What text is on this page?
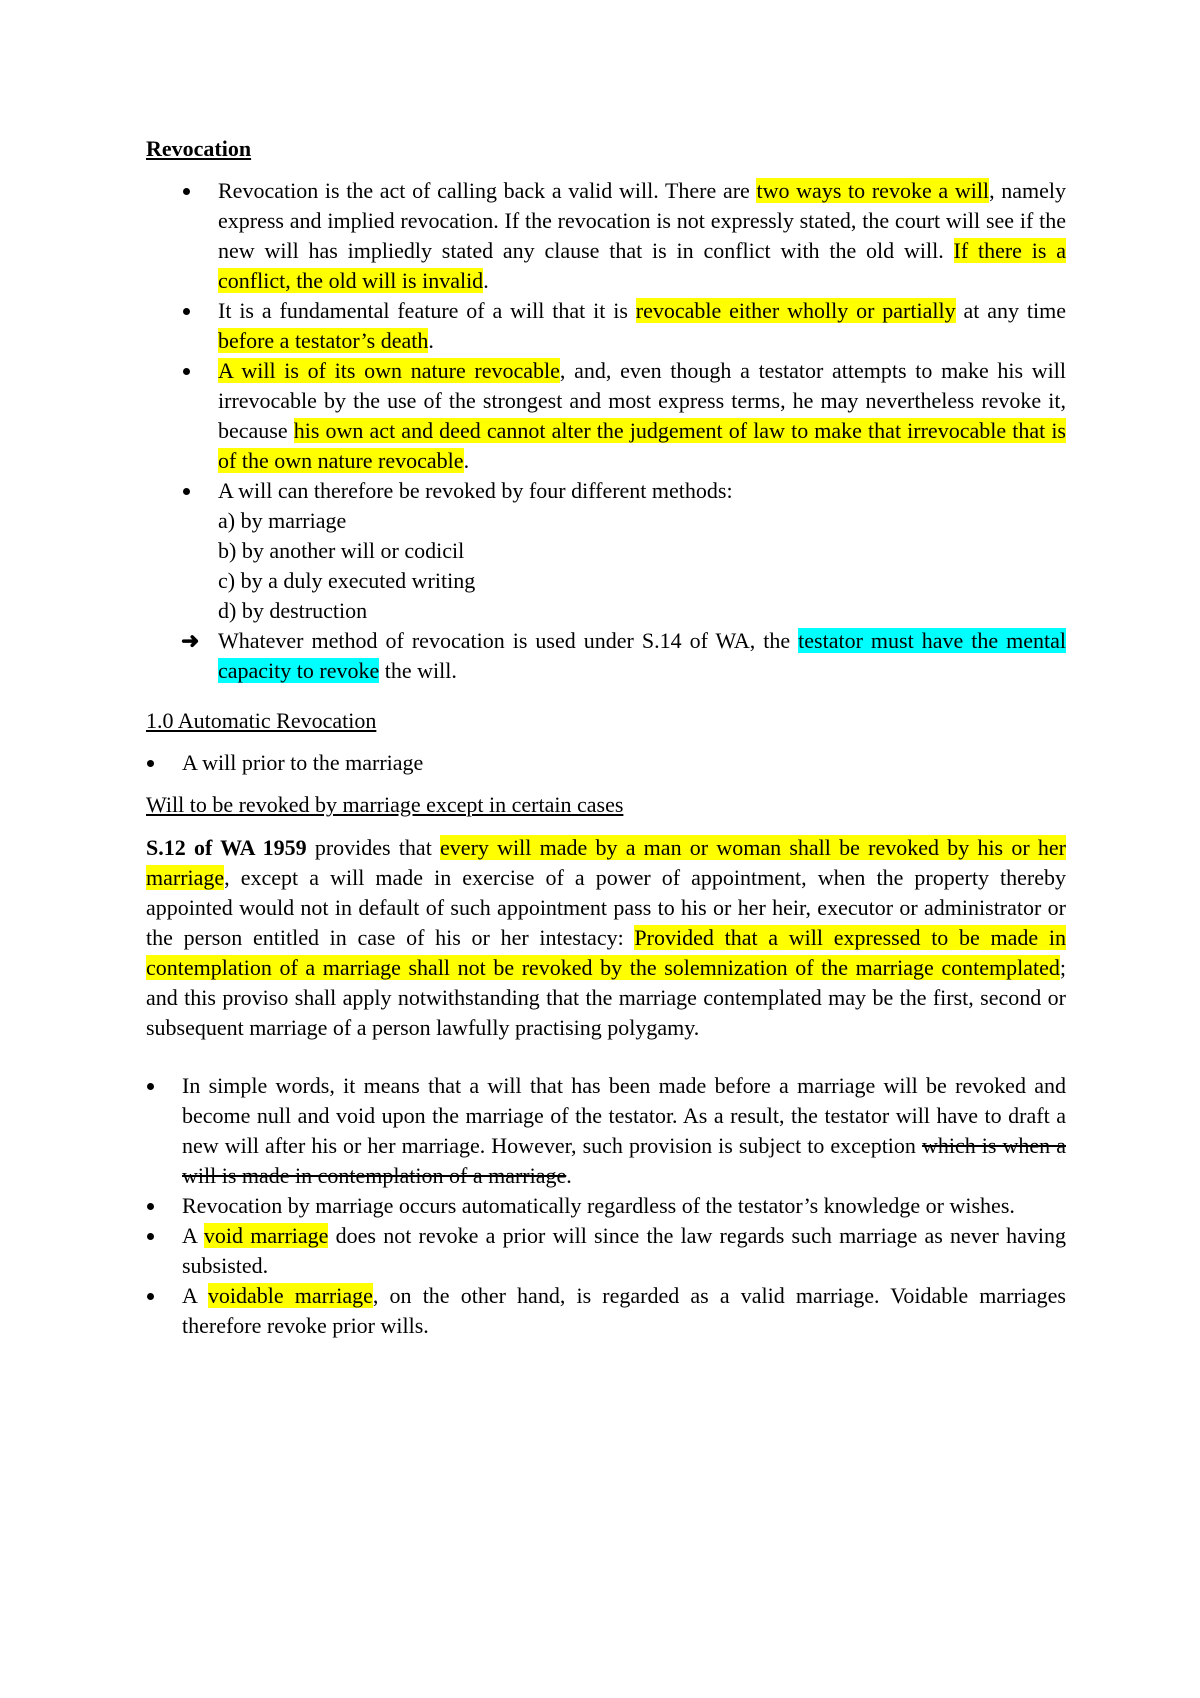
Revocation
Revocation is the act of calling back a valid will. There are two ways to revoke a will, namely express and implied revocation. If the revocation is not expressly stated, the court will see if the new will has impliedly stated any clause that is in conflict with the old will. If there is a conflict, the old will is invalid.
It is a fundamental feature of a will that it is revocable either wholly or partially at any time before a testator’s death.
A will is of its own nature revocable, and, even though a testator attempts to make his will irrevocable by the use of the strongest and most express terms, he may nevertheless revoke it, because his own act and deed cannot alter the judgement of law to make that irrevocable that is of the own nature revocable.
A will can therefore be revoked by four different methods:
a) by marriage
b) by another will or codicil
c) by a duly executed writing
d) by destruction
➜ Whatever method of revocation is used under S.14 of WA, the testator must have the mental capacity to revoke the will.
1.0 Automatic Revocation
A will prior to the marriage
Will to be revoked by marriage except in certain cases
S.12 of WA 1959 provides that every will made by a man or woman shall be revoked by his or her marriage, except a will made in exercise of a power of appointment, when the property thereby appointed would not in default of such appointment pass to his or her heir, executor or administrator or the person entitled in case of his or her intestacy: Provided that a will expressed to be made in contemplation of a marriage shall not be revoked by the solemnization of the marriage contemplated; and this proviso shall apply notwithstanding that the marriage contemplated may be the first, second or subsequent marriage of a person lawfully practising polygamy.
In simple words, it means that a will that has been made before a marriage will be revoked and become null and void upon the marriage of the testator. As a result, the testator will have to draft a new will after his or her marriage. However, such provision is subject to exception which is when a will is made in contemplation of a marriage.
Revocation by marriage occurs automatically regardless of the testator’s knowledge or wishes.
A void marriage does not revoke a prior will since the law regards such marriage as never having subsisted.
A voidable marriage, on the other hand, is regarded as a valid marriage. Voidable marriages therefore revoke prior wills.
